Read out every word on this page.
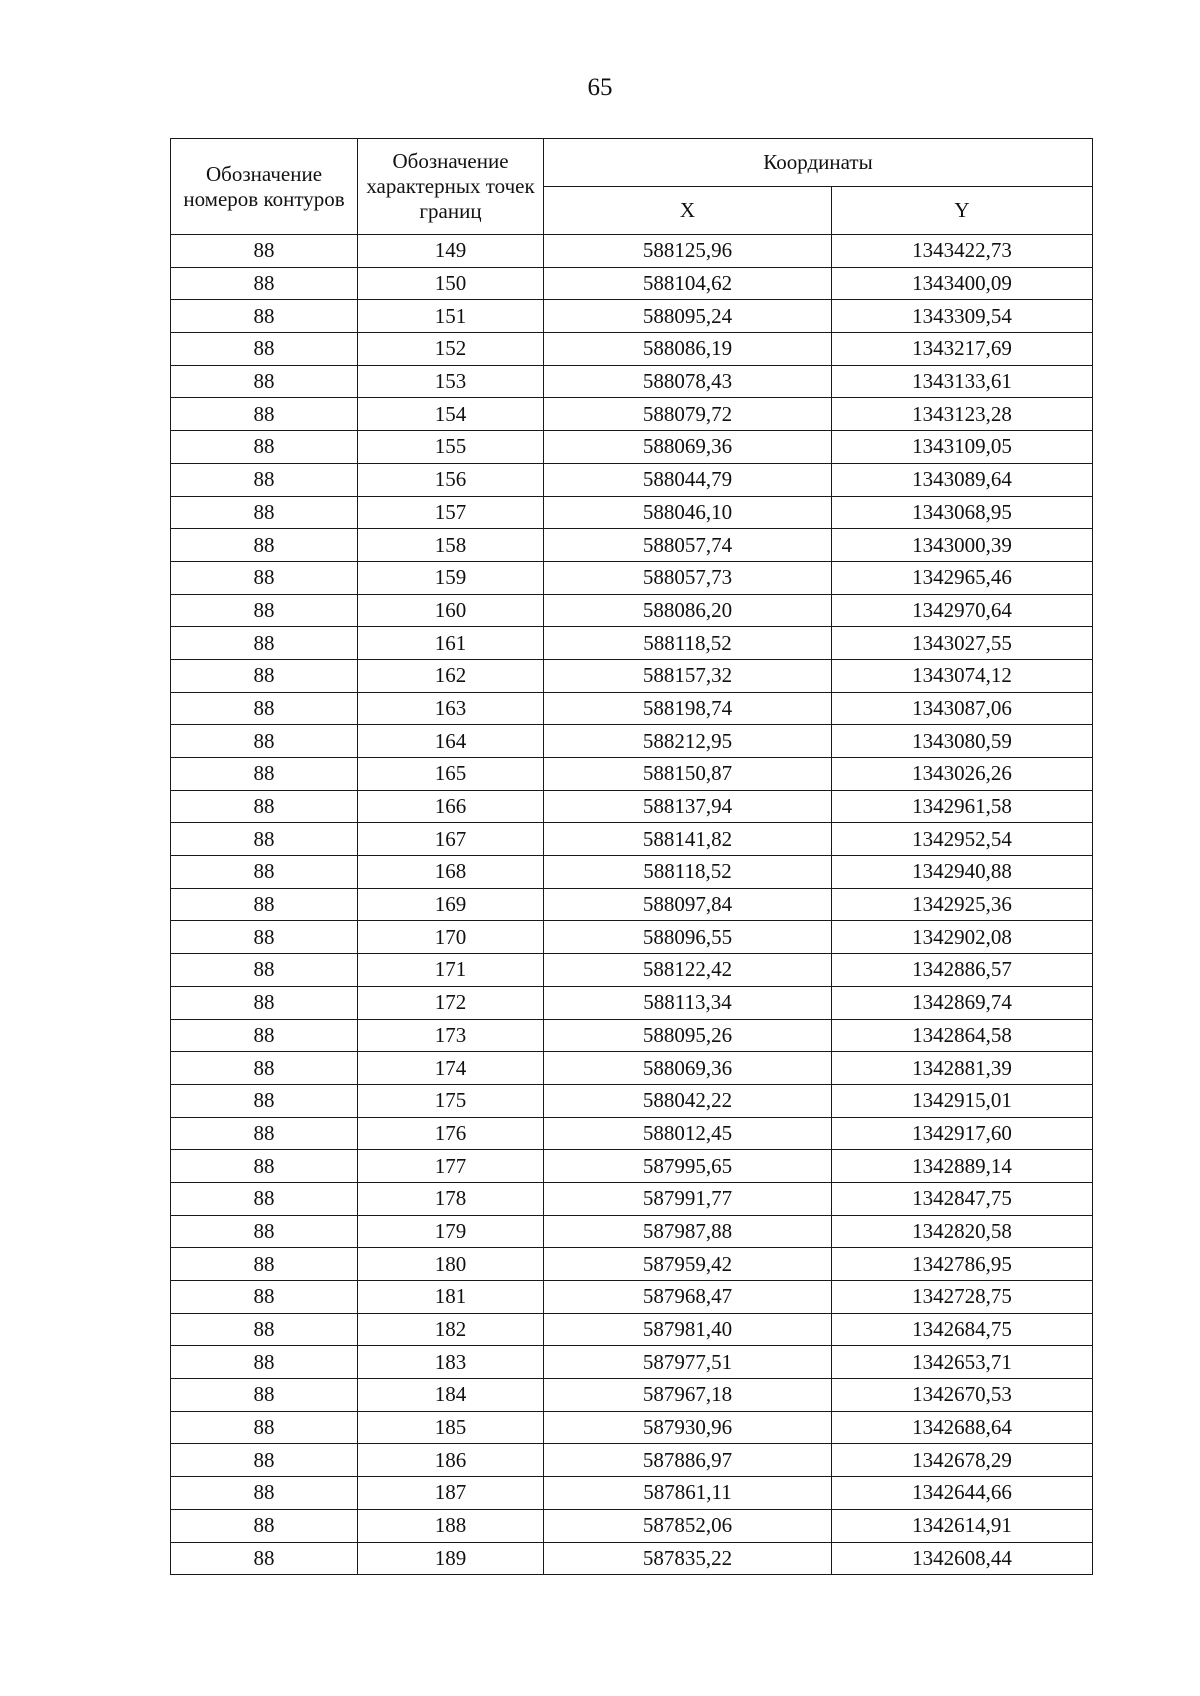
65
Обозначение номеров контуров	Обозначение характерных точек границ	Координаты	
		X	Y
88	149	588125,96	1343422,73
88	150	588104,62	1343400,09
88	151	588095,24	1343309,54
88	152	588086,19	1343217,69
88	153	588078,43	1343133,61
88	154	588079,72	1343123,28
88	155	588069,36	1343109,05
88	156	588044,79	1343089,64
88	157	588046,10	1343068,95
88	158	588057,74	1343000,39
88	159	588057,73	1342965,46
88	160	588086,20	1342970,64
88	161	588118,52	1343027,55
88	162	588157,32	1343074,12
88	163	588198,74	1343087,06
88	164	588212,95	1343080,59
88	165	588150,87	1343026,26
88	166	588137,94	1342961,58
88	167	588141,82	1342952,54
88	168	588118,52	1342940,88
88	169	588097,84	1342925,36
88	170	588096,55	1342902,08
88	171	588122,42	1342886,57
88	172	588113,34	1342869,74
88	173	588095,26	1342864,58
88	174	588069,36	1342881,39
88	175	588042,22	1342915,01
88	176	588012,45	1342917,60
88	177	587995,65	1342889,14
88	178	587991,77	1342847,75
88	179	587987,88	1342820,58
88	180	587959,42	1342786,95
88	181	587968,47	1342728,75
88	182	587981,40	1342684,75
88	183	587977,51	1342653,71
88	184	587967,18	1342670,53
88	185	587930,96	1342688,64
88	186	587886,97	1342678,29
88	187	587861,11	1342644,66
88	188	587852,06	1342614,91
88	189	587835,22	1342608,44
